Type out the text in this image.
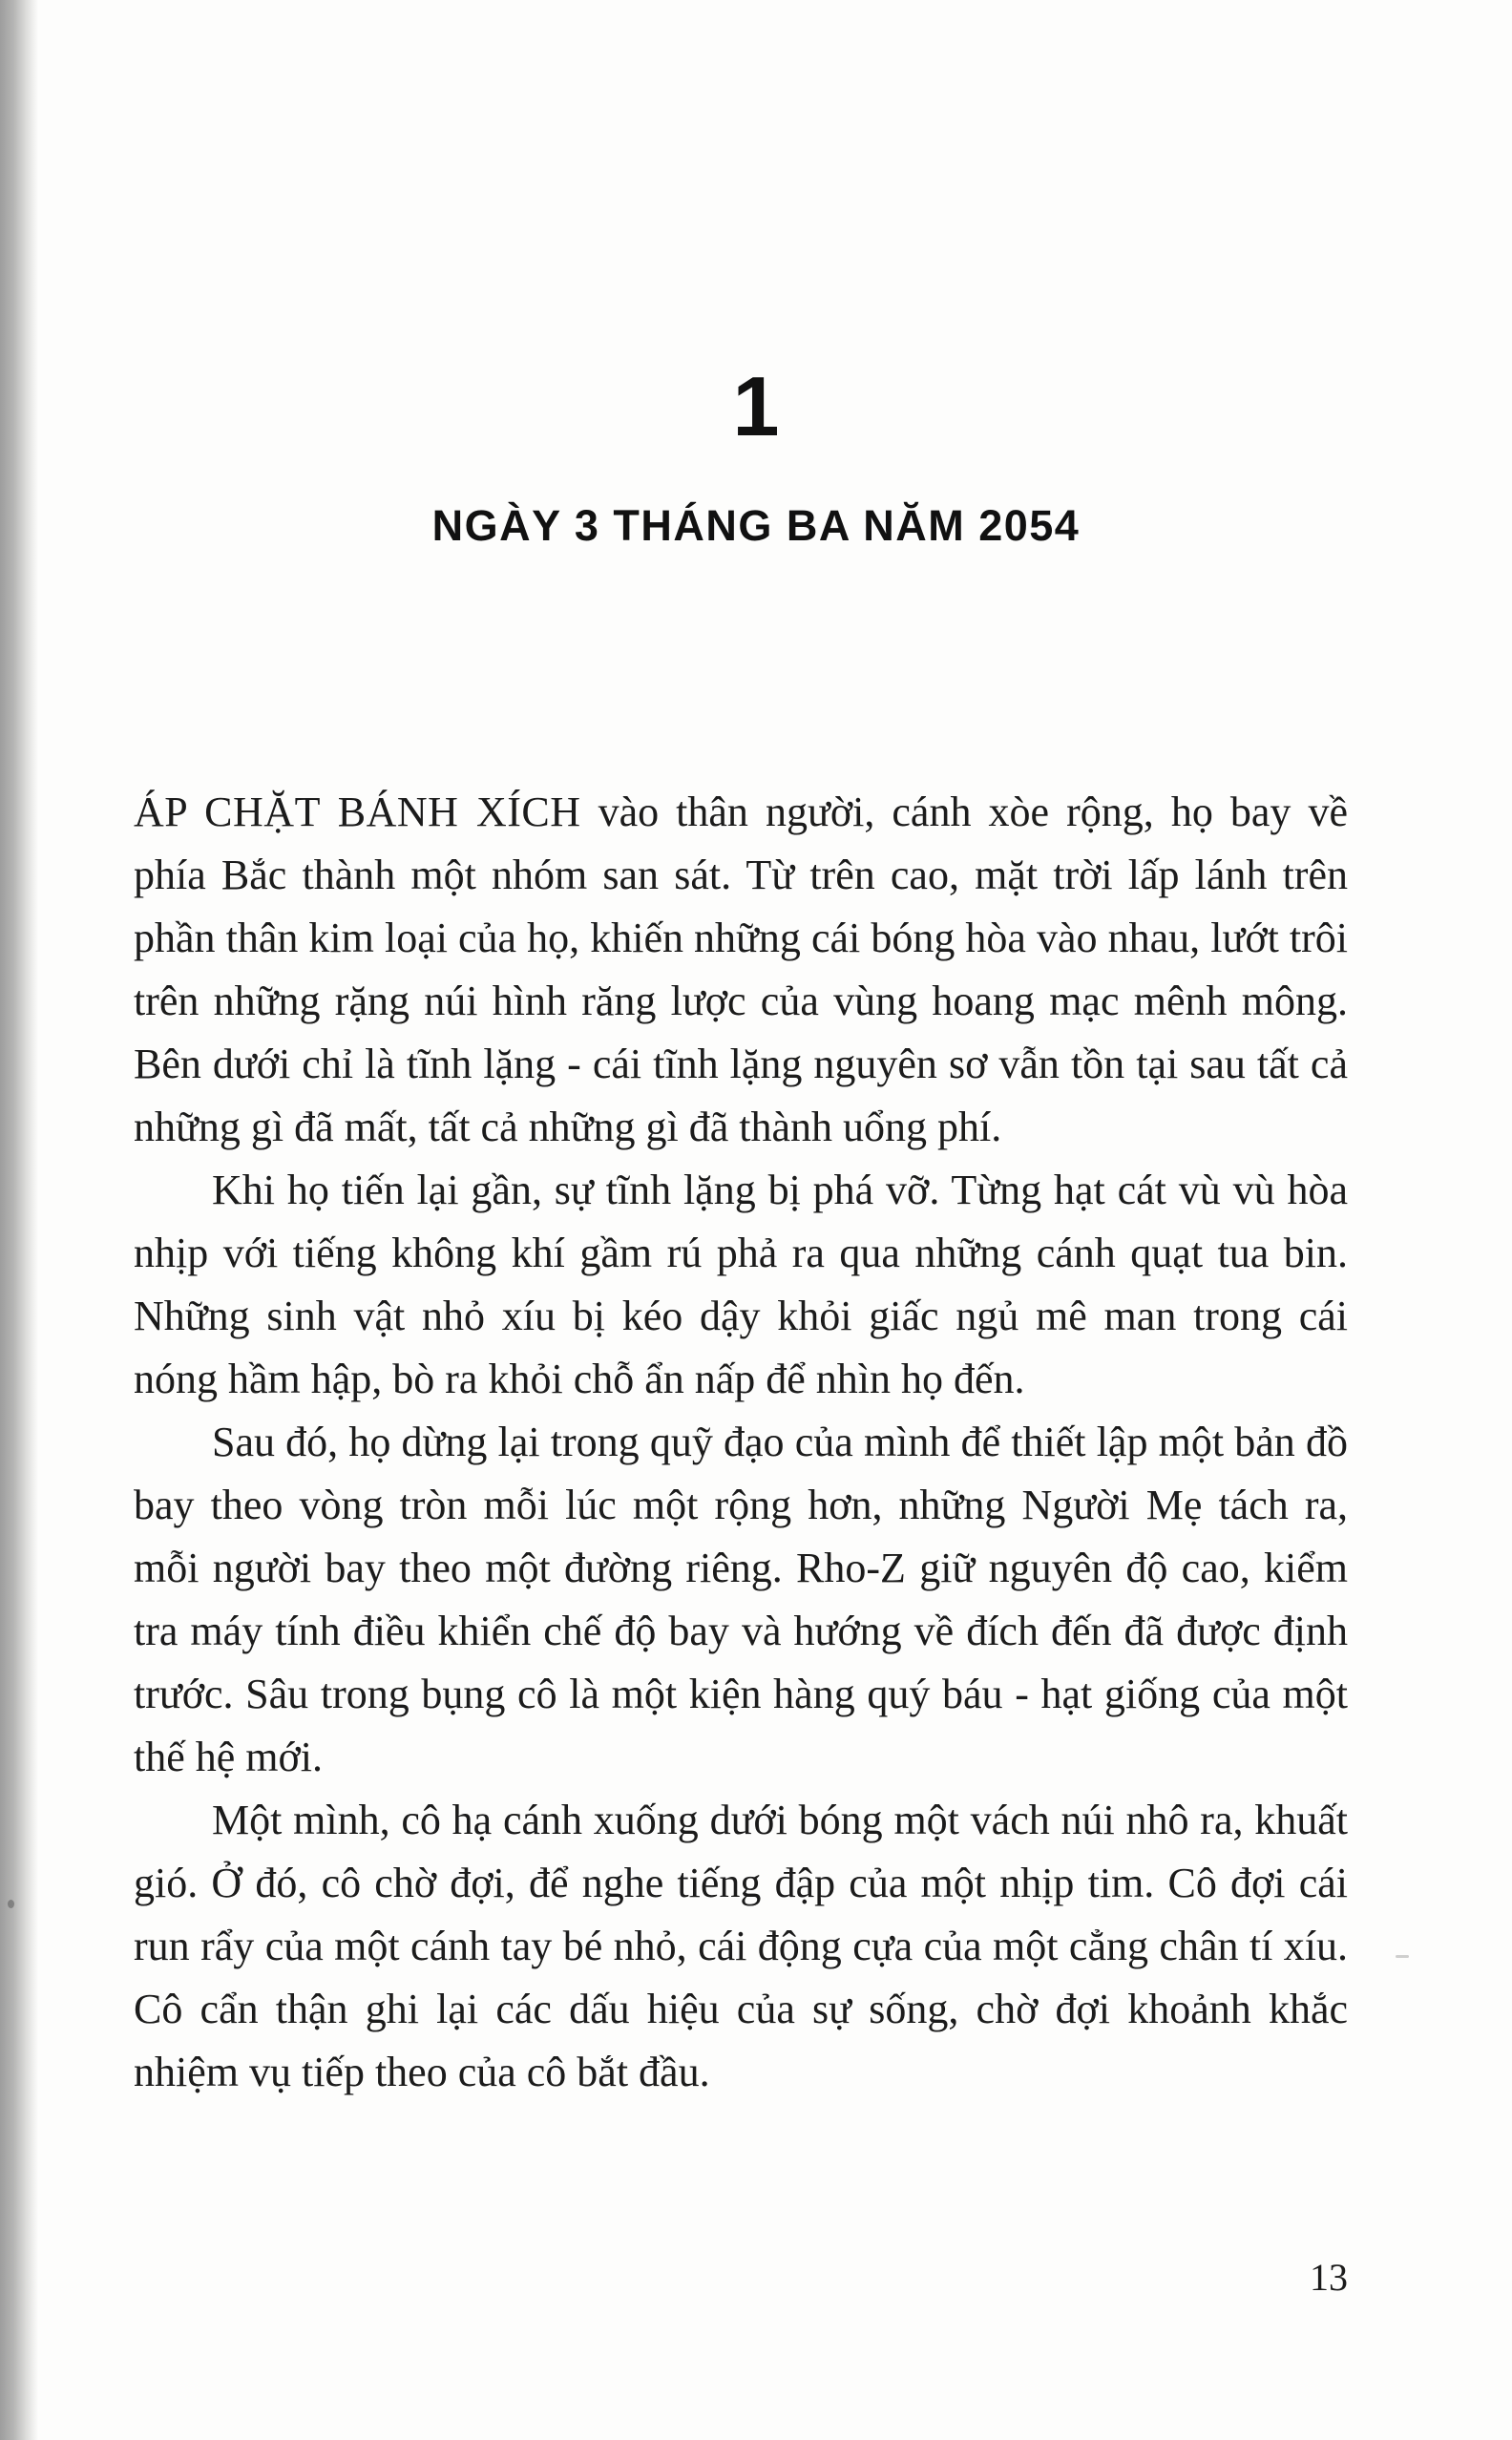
1
NGÀY 3 THÁNG BA NĂM 2054

ÁP CHẶT BÁNH XÍCH vào thân người, cánh xòe rộng, họ bay về phía Bắc thành một nhóm san sát. Từ trên cao, mặt trời lấp lánh trên phần thân kim loại của họ, khiến những cái bóng hòa vào nhau, lướt trôi trên những rặng núi hình răng lược của vùng hoang mạc mênh mông. Bên dưới chỉ là tĩnh lặng - cái tĩnh lặng nguyên sơ vẫn tồn tại sau tất cả những gì đã mất, tất cả những gì đã thành uổng phí.

Khi họ tiến lại gần, sự tĩnh lặng bị phá vỡ. Từng hạt cát vù vù hòa nhịp với tiếng không khí gầm rú phả ra qua những cánh quạt tua bin. Những sinh vật nhỏ xíu bị kéo dậy khỏi giấc ngủ mê man trong cái nóng hầm hập, bò ra khỏi chỗ ẩn nấp để nhìn họ đến.

Sau đó, họ dừng lại trong quỹ đạo của mình để thiết lập một bản đồ bay theo vòng tròn mỗi lúc một rộng hơn, những Người Mẹ tách ra, mỗi người bay theo một đường riêng. Rho-Z giữ nguyên độ cao, kiểm tra máy tính điều khiển chế độ bay và hướng về đích đến đã được định trước. Sâu trong bụng cô là một kiện hàng quý báu - hạt giống của một thế hệ mới.

Một mình, cô hạ cánh xuống dưới bóng một vách núi nhô ra, khuất gió. Ở đó, cô chờ đợi, để nghe tiếng đập của một nhịp tim. Cô đợi cái run rẩy của một cánh tay bé nhỏ, cái động cựa của một cẳng chân tí xíu. Cô cẩn thận ghi lại các dấu hiệu của sự sống, chờ đợi khoảnh khắc nhiệm vụ tiếp theo của cô bắt đầu.

13
